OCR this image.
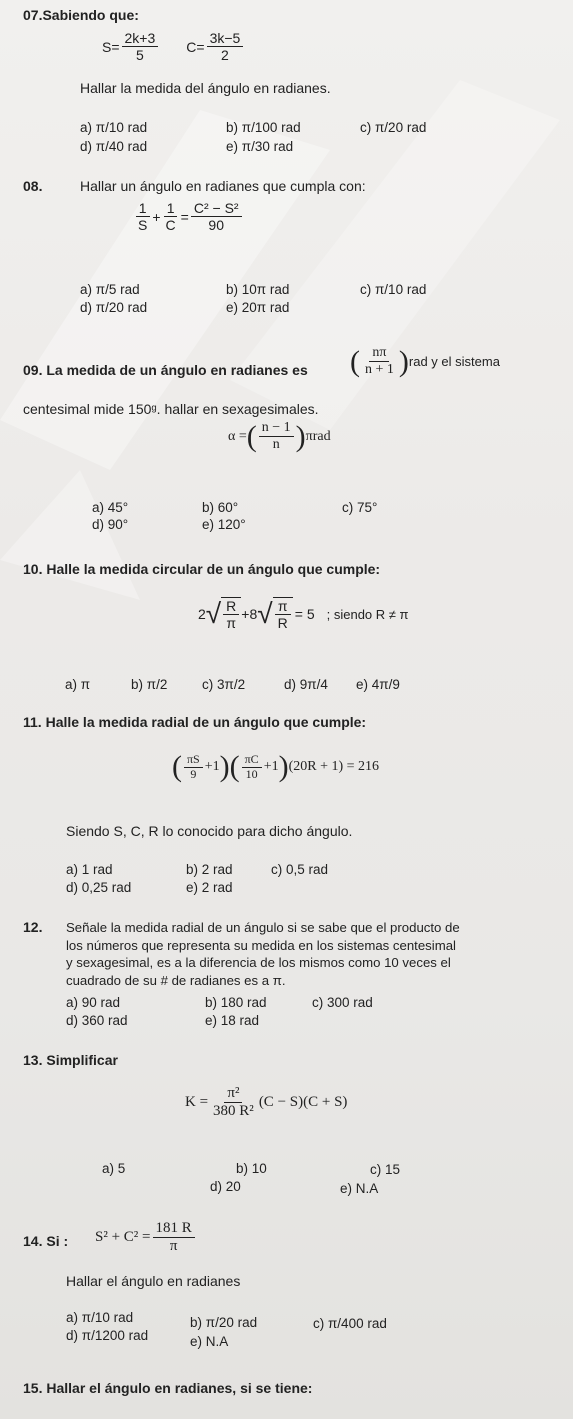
07.Sabiendo que:
$S= \frac{2k+3}{5} C= \frac{3k-5}{2}$
Hallar la medida del ángulo en radianes.
a) π/10 rad	b) π/100 rad	c) π/20 rad
d) π/40 rad	e) π/30 rad
08.	Hallar un ángulo en radianes que cumpla con:
$\frac{1}{S} + \frac{1}{C} = \frac{\text{C² − S²}}{90}$
a) π/5 rad	b) 10π rad	c) π/10 rad
d) π/20 rad	e) 20π rad
09. La medida de un ángulo en radianes es ( $\frac{n\pi}{n + 1}$ ) rad y el sistema
centesimal mide 150ᵍ. hallar en sexagesimales.
α = ( $\frac{n - 1}{n}$ ) πrad
a) 45°	b) 60°	c) 75°
d) 90°	e) 120°
10. Halle la medida circular de un ángulo que cumple:
2 √ $\frac{R}{\pi} +8$ √ $\frac{\pi}{R} = 5$ ; siendo R ≠ π
a) π	b) π/2	c) 3π/2	d) 9π/4 e) 4π/9
11. Halle la medida radial de un ángulo que cumple:
( $\frac{\pi S}{9} +1$ )( $\frac{\pi C}{10} +1$ ) (20R + 1) = 216
Siendo S, C, R lo conocido para dicho ángulo.
a) 1 rad	b) 2 rad	c) 0,5 rad
d) 0,25 rad	e) 2 rad
12. Señale la medida radial de un ángulo si se sabe que el producto de
los números que representa su medida en los sistemas centesimal
y sexagesimal, es a la diferencia de los mismos como 10 veces el
cuadrado de su # de radianes es a π.
a) 90 rad	b) 180 rad	c) 300 rad
d) 360 rad	e) 18 rad
13. Simplificar
$K = \frac{\text{π²}}{\text{380 R²}} (C - S)(C + S)$
a) 5	b) 10	c) 15
d) 20	e) N.A
14. Si : $S^2 + C^2 = \frac{181 R}{\pi}$
Hallar el ángulo en radianes
a) π/10 rad	b) π/20 rad	c) π/400 rad
d) π/1200 rad	e) N.A
15. Hallar el ángulo en radianes, si se tiene:
